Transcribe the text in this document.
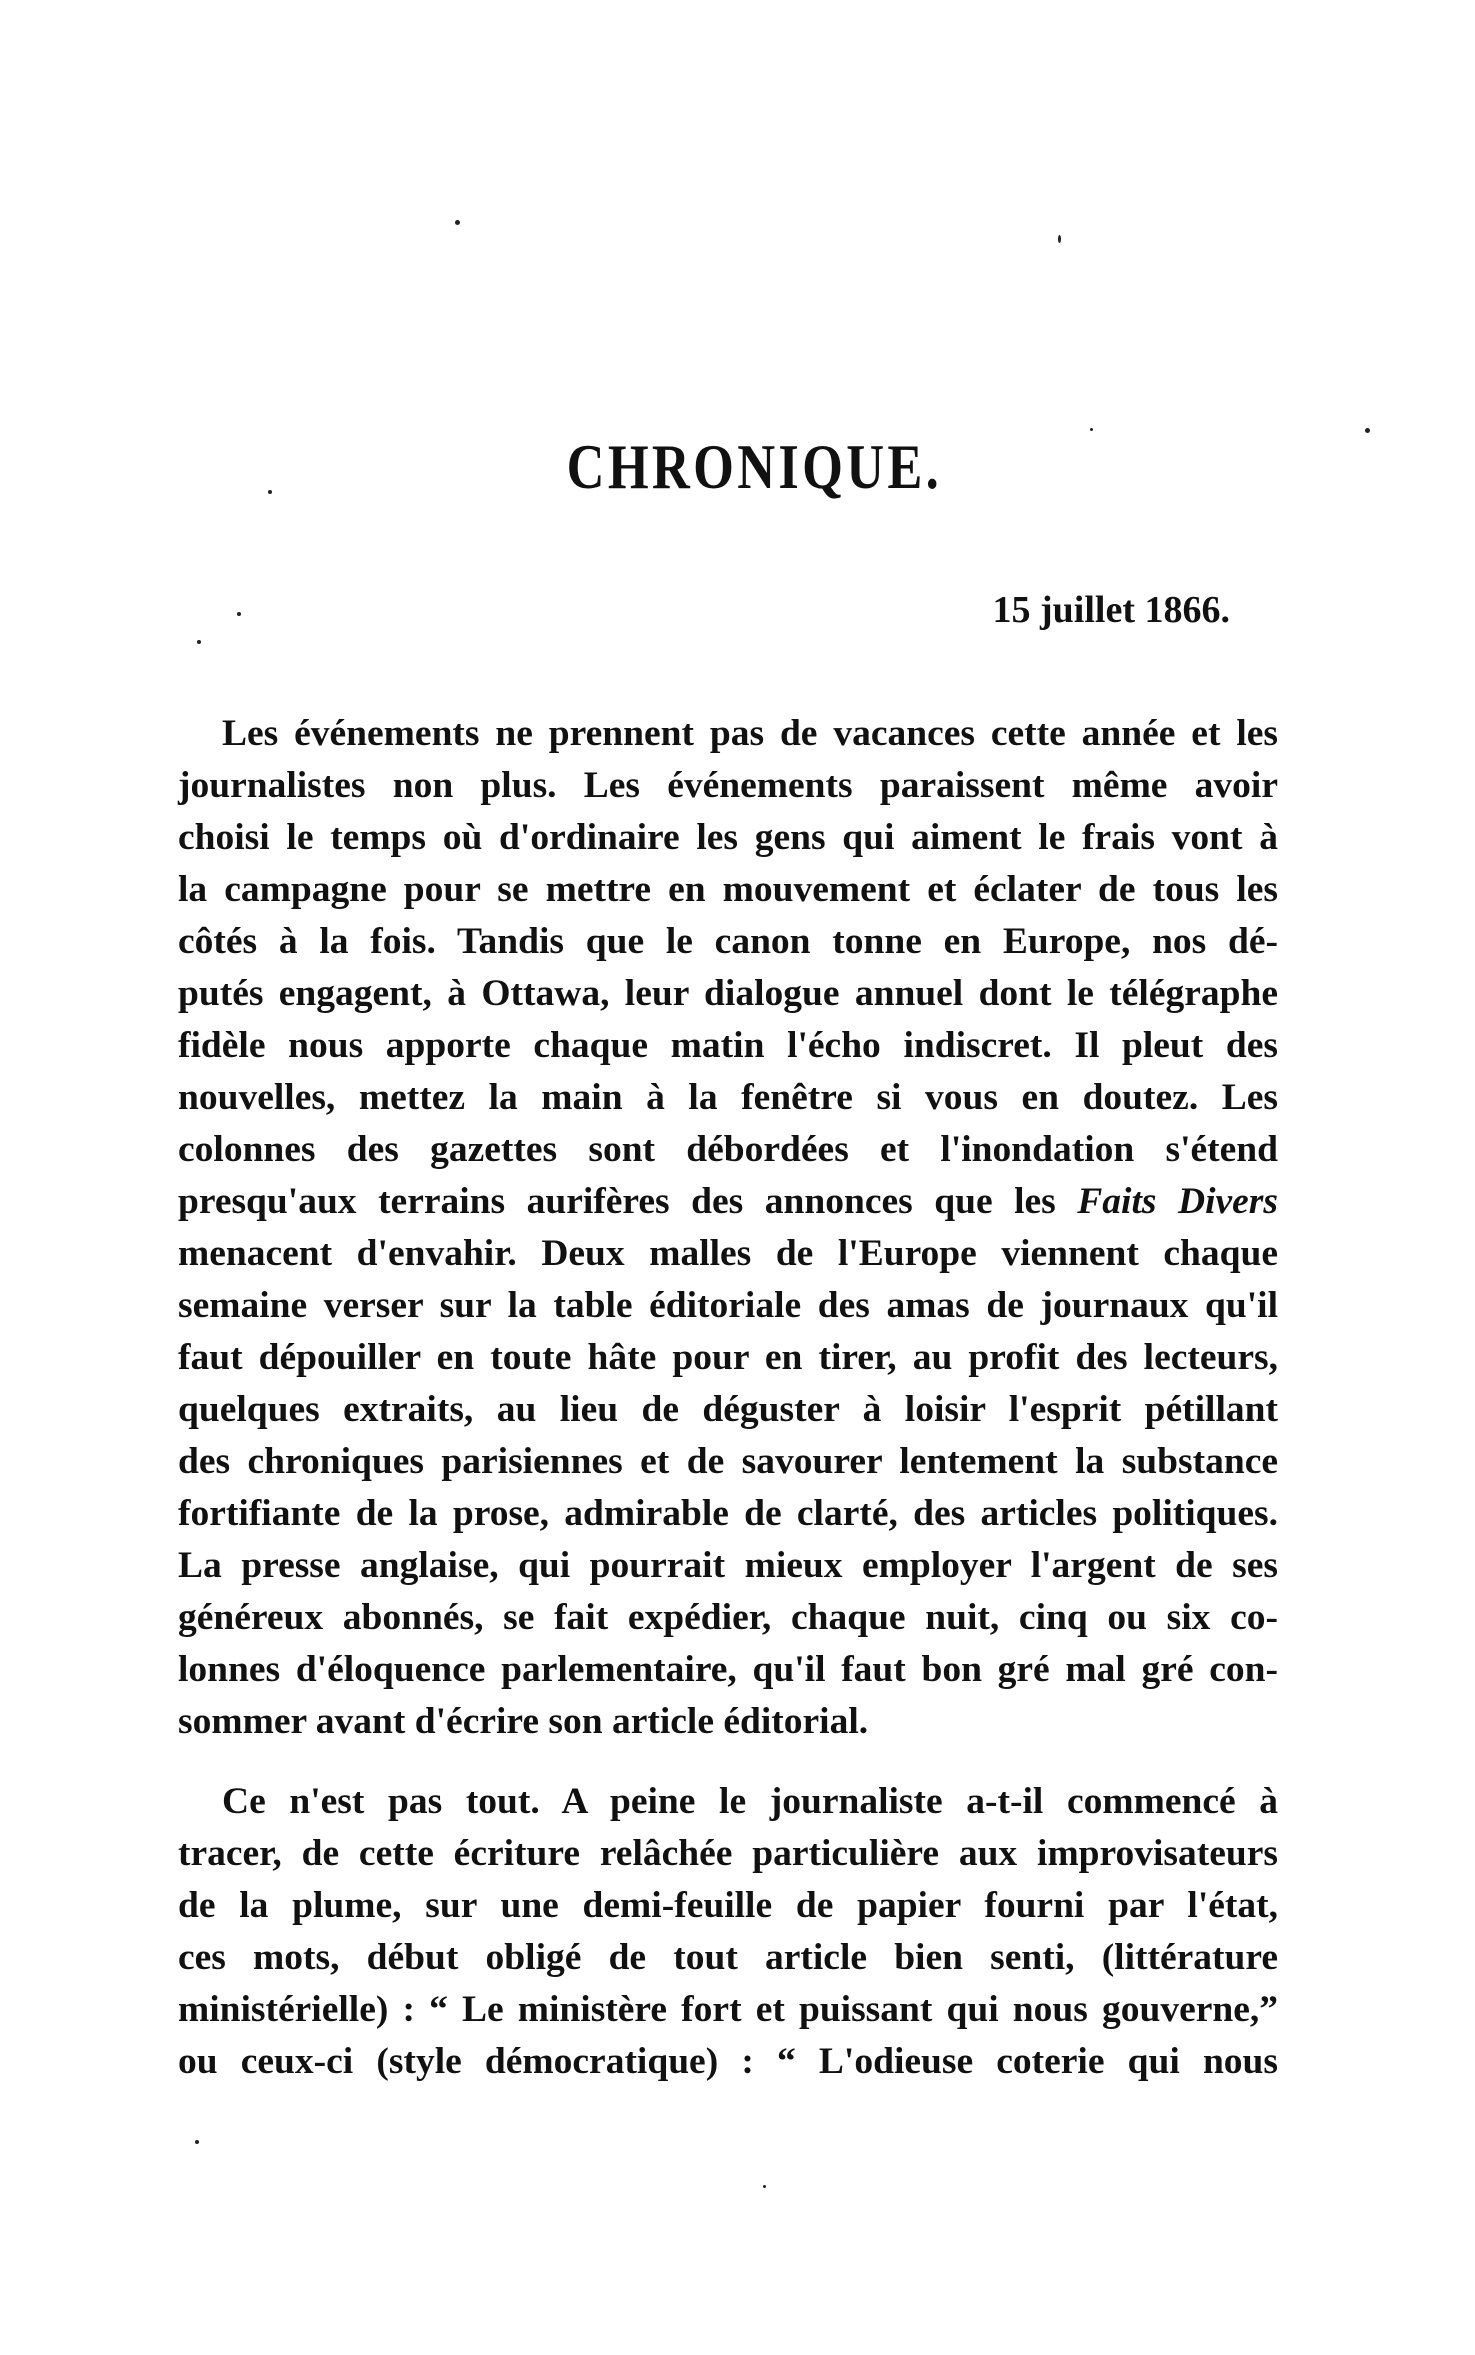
CHRONIQUE.
15 juillet 1866.
Les événements ne prennent pas de vacances cette année et les
journalistes non plus. Les événements paraissent même avoir
choisi le temps où d'ordinaire les gens qui aiment le frais vont à
la campagne pour se mettre en mouvement et éclater de tous les
côtés à la fois. Tandis que le canon tonne en Europe, nos dé-
putés engagent, à Ottawa, leur dialogue annuel dont le télégraphe
fidèle nous apporte chaque matin l'écho indiscret. Il pleut des
nouvelles, mettez la main à la fenêtre si vous en doutez. Les
colonnes des gazettes sont débordées et l'inondation s'étend
presqu'aux terrains aurifères des annonces que les Faits Divers
menacent d'envahir. Deux malles de l'Europe viennent chaque
semaine verser sur la table éditoriale des amas de journaux qu'il
faut dépouiller en toute hâte pour en tirer, au profit des lecteurs,
quelques extraits, au lieu de déguster à loisir l'esprit pétillant
des chroniques parisiennes et de savourer lentement la substance
fortifiante de la prose, admirable de clarté, des articles politiques.
La presse anglaise, qui pourrait mieux employer l'argent de ses
généreux abonnés, se fait expédier, chaque nuit, cinq ou six co-
lonnes d'éloquence parlementaire, qu'il faut bon gré mal gré con-
sommer avant d'écrire son article éditorial.
Ce n'est pas tout. A peine le journaliste a-t-il commencé à
tracer, de cette écriture relâchée particulière aux improvisateurs
de la plume, sur une demi-feuille de papier fourni par l'état,
ces mots, début obligé de tout article bien senti, (littérature
ministérielle) : “ Le ministère fort et puissant qui nous gouverne,”
ou ceux-ci (style démocratique) : “ L'odieuse coterie qui nous
